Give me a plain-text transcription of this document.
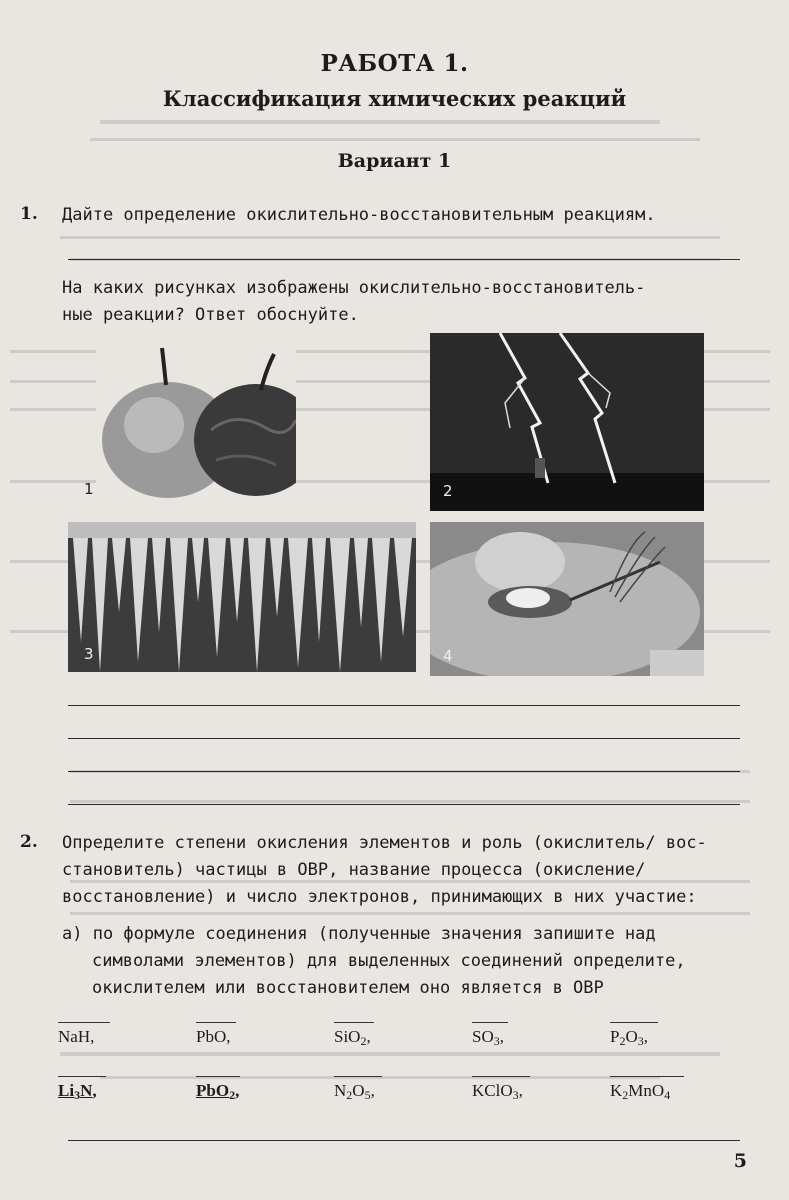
РАБОТА 1.
Классификация химических реакций
Вариант 1
1. Дайте определение окислительно-восстановительным реакциям.
На каких рисунках изображены окислительно-восстановитель-
ные реакции? Ответ обоснуйте.
1	2
3	4
2. Определите степени окисления элементов и роль (окислитель/ вос-
становитель) частицы в ОВР, название процесса (окисление/
восстановление) и число электронов, принимающих в них участие:
а) по формуле соединения (полученные значения запишите над
символами элементов) для выделенных соединений определите,
окислителем или восстановителем оно является в ОВР
NaH,	PbO,	SiO$_2$,	$SO_3$,	$P_2O_3$,
$Li_3N$,	PbO$_2$,	$N_2O_5$,	KClO$_3$,	$K_2MnO_4$
5
